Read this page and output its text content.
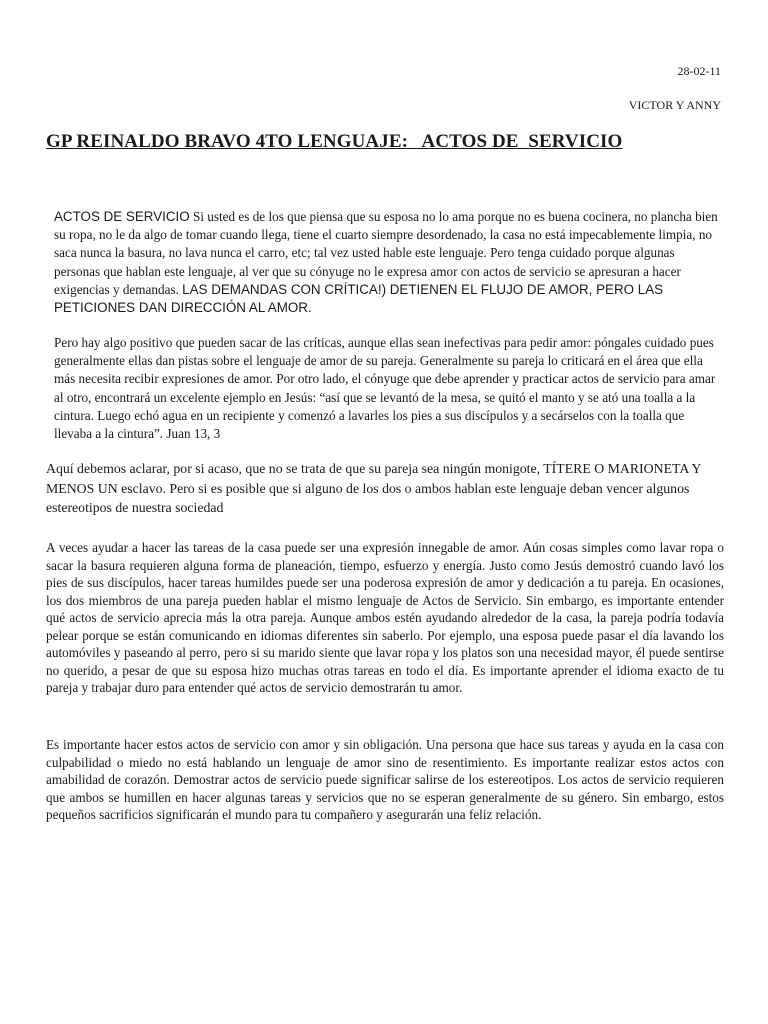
28-02-11
VICTOR Y ANNY
GP REINALDO BRAVO 4TO LENGUAJE:   ACTOS DE  SERVICIO

ACTOS DE SERVICIO Si usted es de los que piensa que su esposa no lo ama porque no es buena cocinera, no plancha bien su ropa, no le da algo de tomar cuando llega, tiene el cuarto siempre desordenado, la casa no está impecablemente limpia, no saca nunca la basura, no lava nunca el carro, etc; tal vez usted hable este lenguaje. Pero tenga cuidado porque algunas personas que hablan este lenguaje, al ver que su cónyuge no le expresa amor con actos de servicio se apresuran a hacer exigencias y demandas. LAS DEMANDAS CON CRÍTICA!) DETIENEN EL FLUJO DE AMOR, PERO LAS PETICIONES DAN DIRECCIÓN AL AMOR.

Pero hay algo positivo que pueden sacar de las críticas, aunque ellas sean inefectivas para pedir amor: póngales cuidado pues generalmente ellas dan pistas sobre el lenguaje de amor de su pareja. Generalmente su pareja lo criticará en el área que ella más necesita recibir expresiones de amor. Por otro lado, el cónyuge que debe aprender y practicar actos de servicio para amar al otro, encontrará un excelente ejemplo en Jesús: “así que se levantó de la mesa, se quitó el manto y se ató una toalla a la cintura. Luego echó agua en un recipiente y comenzó a lavarles los pies a sus discípulos y a secárselos con la toalla que llevaba a la cintura”. Juan 13, 3

Aquí debemos aclarar, por si acaso, que no se trata de que su pareja sea ningún monigote, TÍTERE O MARIONETA Y MENOS UN esclavo. Pero si es posible que si alguno de los dos o ambos hablan este lenguaje deban vencer algunos estereotipos de nuestra sociedad

A veces ayudar a hacer las tareas de la casa puede ser una expresión innegable de amor. Aún cosas simples como lavar ropa o sacar la basura requieren alguna forma de planeación, tiempo, esfuerzo y energía. Justo como Jesús demostró cuando lavó los pies de sus discípulos, hacer tareas humildes puede ser una poderosa expresión de amor y dedicación a tu pareja. En ocasiones, los dos miembros de una pareja pueden hablar el mismo lenguaje de Actos de Servicio. Sin embargo, es importante entender qué actos de servicio aprecia más la otra pareja. Aunque ambos estén ayudando alrededor de la casa, la pareja podría todavía pelear porque se están comunicando en idiomas diferentes sin saberlo. Por ejemplo, una esposa puede pasar el día lavando los automóviles y paseando al perro, pero si su marido siente que lavar ropa y los platos son una necesidad mayor, él puede sentirse no querido, a pesar de que su esposa hizo muchas otras tareas en todo el día. Es importante aprender el idioma exacto de tu pareja y trabajar duro para entender qué actos de servicio demostrarán tu amor.

Es importante hacer estos actos de servicio con amor y sin obligación. Una persona que hace sus tareas y ayuda en la casa con culpabilidad o miedo no está hablando un lenguaje de amor sino de resentimiento. Es importante realizar estos actos con amabilidad de corazón. Demostrar actos de servicio puede significar salirse de los estereotipos. Los actos de servicio requieren que ambos se humillen en hacer algunas tareas y servicios que no se esperan generalmente de su género. Sin embargo, estos pequeños sacrificios significarán el mundo para tu compañero y asegurarán una feliz relación.
